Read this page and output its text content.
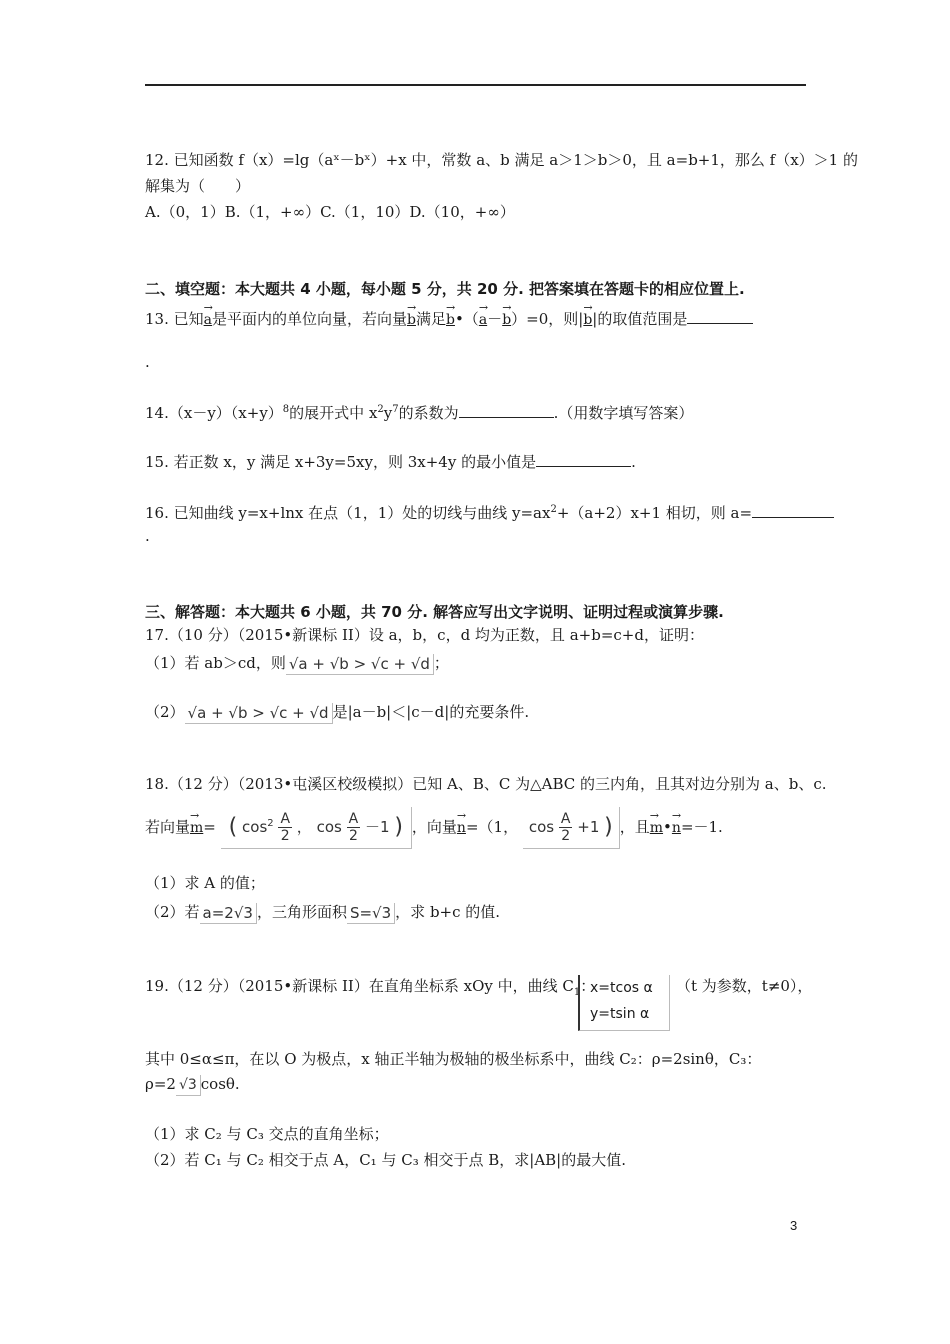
12. 已知函数 f（x）=lg（aˣ－bˣ）+x 中，常数 a、b 满足 a＞1＞b＞0，且 a=b+1，那么 f（x）＞1 的
解集为（　　）
A.（0，1）B.（1，+∞）C.（1，10）D.（10，+∞）
二、填空题：本大题共 4 小题，每小题 5 分，共 20 分. 把答案填在答题卡的相应位置上.
13. 已知→ a是平面内的单位向量，若向量→ b满足→ b•（→ a－→ b）=0，则|→ b|的取值范围是
.
$14.(x-y)(x+y)^8$的展开式中 $x^2y^7$的系数为	.（用数字填写答案）
15. 若正数 x，y 满足 x+3y=5xy，则 3x+4y 的最小值是	.
16. 已知曲线 y=x+lnx 在点（1，1）处的切线与曲线 $y=ax^2+(a+2)x+1$ 相切，则 a=
.
三、解答题：本大题共 6 小题，共 70 分. 解答应写出文字说明、证明过程或演算步骤.
17.（10 分）（2015•新课标 II）设 a，b，c，d 均为正数，且 a+b=c+d，证明：
（1）若 ab＞cd，则 √a + √b > √c + √d ；
（2） √a + √b > √c + √d 是|a－b|＜|c－d|的充要条件.
18.（12 分）（2013•屯溪区校级模拟）已知 A、B、C 为△ABC 的三内角，且其对边分别为 a、b、c.
若向量→ m= ( $\cos^2 \frac{A}{2}$ ， $\cos \frac{A}{2} -1$ ) ，向量→ n=（1， $\cos \frac{A}{2} +1$ ) ，且→ m•→ n=－1.
（1）求 A 的值；
（2）若 a=2√3 ，三角形面积 S=√3 ，求 b+c 的值.
19.（12 分）（2015•新课标 II）在直角坐标系 xOy 中，曲线 $C_1$：
x=tcos α
y=tsin α
（t 为参数，t≠0），
其中 0≤α≤π，在以 O 为极点，x 轴正半轴为极轴的极坐标系中，曲线 C₂：ρ=2sinθ，C₃：
ρ=2 √3 cosθ.
（1）求 C₂ 与 C₃ 交点的直角坐标；
（2）若 C₁ 与 C₂ 相交于点 A，C₁ 与 C₃ 相交于点 B，求|AB|的最大值.
3
